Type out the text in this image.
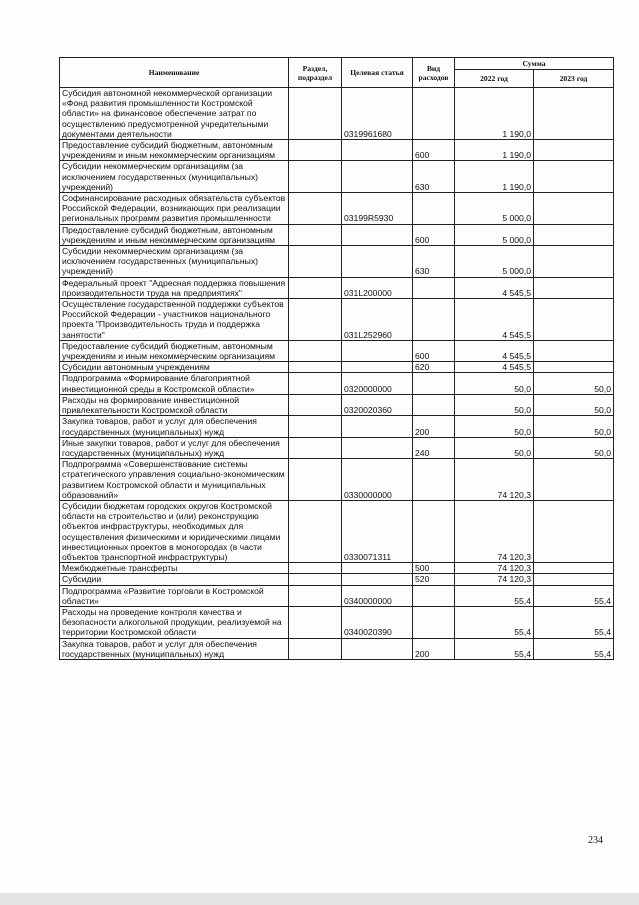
Наименование	Раздел, подраздел	Целевая статья	Вид расходов	Сумма	
				2022 год	2023 год
Субсидия автономной некоммерческой организации «Фонд развития промышленности Костромской области» на финансовое обеспечение затрат по осуществлению предусмотренной учредительными документами деятельности		0319961680		1 190,0	
Предоставление субсидий бюджетным, автономным учреждениям и иным некоммерческим организациям			600	1 190,0	
Субсидии некоммерческим организациям (за исключением государственных (муниципальных) учреждений)			630	1 190,0	
Софинансирование расходных обязательств субъектов Российской Федерации, возникающих при реализации региональных программ развития промышленности		03199R5930		5 000,0	
Предоставление субсидий бюджетным, автономным учреждениям и иным некоммерческим организациям			600	5 000,0	
Субсидии некоммерческим организациям (за исключением государственных (муниципальных) учреждений)			630	5 000,0	
Федеральный проект "Адресная поддержка повышения производительности труда на предприятиях"		031L200000		4 545,5	
Осуществление государственной поддержки субъектов Российской Федерации - участников национального проекта "Производительность труда и поддержка занятости"		031L252960		4 545,5	
Предоставление субсидий бюджетным, автономным учреждениям и иным некоммерческим организациям			600	4 545,5	
Субсидии автономным учреждениям			620	4 545,5	
Подпрограмма «Формирование благоприятной инвестиционной среды в Костромской области»		0320000000		50,0	50,0
Расходы на формирование инвестиционной привлекательности Костромской области		0320020360		50,0	50,0
Закупка товаров, работ и услуг для обеспечения государственных (муниципальных) нужд			200	50,0	50,0
Иные закупки товаров, работ и услуг для обеспечения государственных (муниципальных) нужд			240	50,0	50,0
Подпрограмма «Совершенствование системы стратегического управления социально-экономическим развитием Костромской области и муниципальных образований»		0330000000		74 120,3	
Субсидии бюджетам городских округов Костромской области на строительство и (или) реконструкцию объектов инфраструктуры, необходимых для осуществления физическими и юридическими лицами инвестиционных проектов в моногородах (в части объектов транспортной инфраструктуры)		0330071311		74 120,3	
Межбюджетные трансферты			500	74 120,3	
Субсидии			520	74 120,3	
Подпрограмма «Развитие торговли в Костромской области»		0340000000		55,4	55,4
Расходы на проведение контроля качества и безопасности алкогольной продукции, реализуемой на территории Костромской области		0340020390		55,4	55,4
Закупка товаров, работ и услуг для обеспечения государственных (муниципальных) нужд			200	55,4	55,4
234
